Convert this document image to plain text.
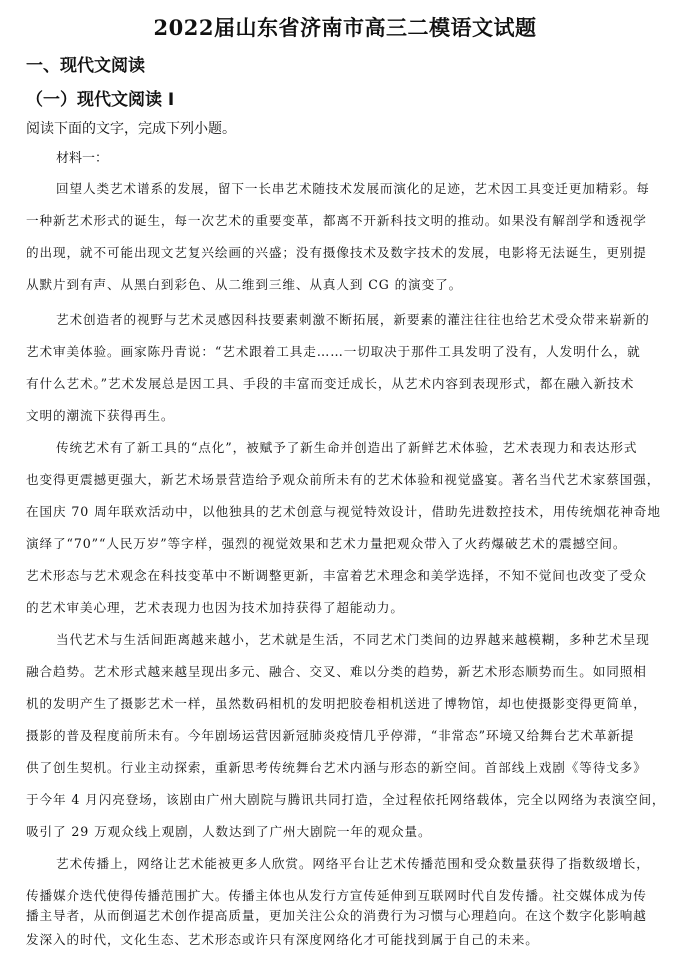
2022届山东省济南市高三二模语文试题
一、现代文阅读
（一）现代文阅读 I
阅读下面的文字，完成下列小题。
材料一：
回望人类艺术谱系的发展，留下一长串艺术随技术发展而演化的足迹，艺术因工具变迁更加精彩。每
一种新艺术形式的诞生，每一次艺术的重要变革，都离不开新科技文明的推动。如果没有解剖学和透视学
的出现，就不可能出现文艺复兴绘画的兴盛；没有摄像技术及数字技术的发展，电影将无法诞生，更别提
从默片到有声、从黑白到彩色、从二维到三维、从真人到 CG 的演变了。
艺术创造者的视野与艺术灵感因科技要素刺激不断拓展，新要素的灌注往往也给艺术受众带来崭新的
艺术审美体验。画家陈丹青说：“艺术跟着工具走……一切取决于那件工具发明了没有，人发明什么，就
有什么艺术。”艺术发展总是因工具、手段的丰富而变迁成长，从艺术内容到表现形式，都在融入新技术
文明的潮流下获得再生。
传统艺术有了新工具的“点化”，被赋予了新生命并创造出了新鲜艺术体验，艺术表现力和表达形式
也变得更震撼更强大，新艺术场景营造给予观众前所未有的艺术体验和视觉盛宴。著名当代艺术家蔡国强，
在国庆 70 周年联欢活动中，以他独具的艺术创意与视觉特效设计，借助先进数控技术，用传统烟花神奇地
演绎了“70”“人民万岁”等字样，强烈的视觉效果和艺术力量把观众带入了火药爆破艺术的震撼空间。
艺术形态与艺术观念在科技变革中不断调整更新，丰富着艺术理念和美学选择，不知不觉间也改变了受众
的艺术审美心理，艺术表现力也因为技术加持获得了超能动力。
当代艺术与生活间距离越来越小，艺术就是生活，不同艺术门类间的边界越来越模糊，多种艺术呈现
融合趋势。艺术形式越来越呈现出多元、融合、交叉、难以分类的趋势，新艺术形态顺势而生。如同照相
机的发明产生了摄影艺术一样，虽然数码相机的发明把胶卷相机送进了博物馆，却也使摄影变得更简单，
摄影的普及程度前所未有。今年剧场运营因新冠肺炎疫情几乎停滞，“非常态”环境又给舞台艺术革新提
供了创生契机。行业主动探索，重新思考传统舞台艺术内涵与形态的新空间。首部线上戏剧《等待戈多》
于今年 4 月闪亮登场，该剧由广州大剧院与腾讯共同打造，全过程依托网络载体，完全以网络为表演空间，
吸引了 29 万观众线上观剧，人数达到了广州大剧院一年的观众量。
艺术传播上，网络让艺术能被更多人欣赏。网络平台让艺术传播范围和受众数量获得了指数级增长，
传播媒介迭代使得传播范围扩大。传播主体也从发行方宣传延伸到互联网时代自发传播。社交媒体成为传
播主导者，从而倒逼艺术创作提高质量，更加关注公众的消费行为习惯与心理趋向。在这个数字化影响越
发深入的时代，文化生态、艺术形态或许只有深度网络化才可能找到属于自己的未来。
